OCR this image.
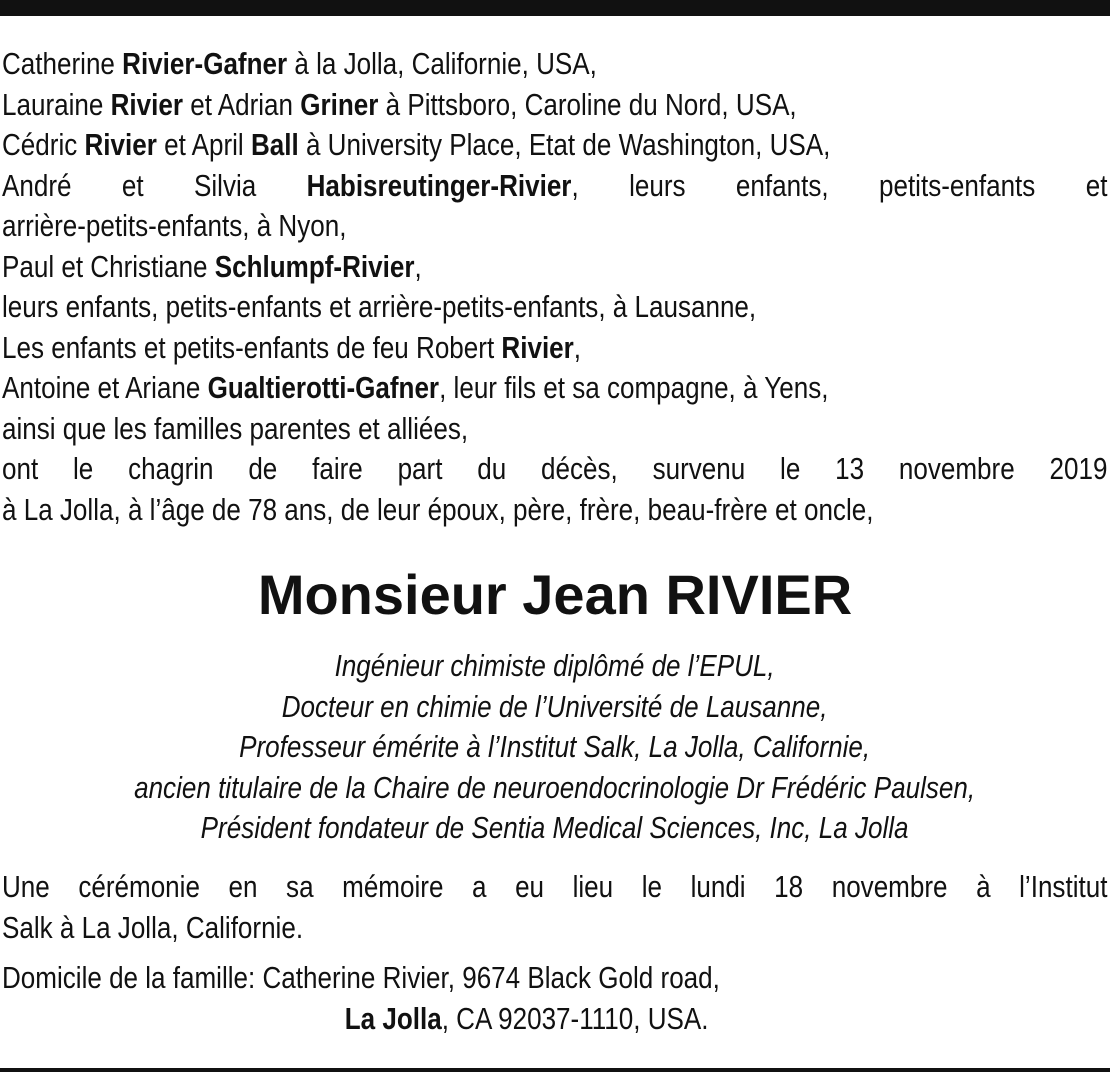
Catherine Rivier-Gafner à la Jolla, Californie, USA,
Lauraine Rivier et Adrian Griner à Pittsboro, Caroline du Nord, USA,
Cédric Rivier et April Ball à University Place, Etat de Washington, USA,
André et Silvia Habisreutinger-Rivier, leurs enfants, petits-enfants et
arrière-petits-enfants, à Nyon,
Paul et Christiane Schlumpf-Rivier,
leurs enfants, petits-enfants et arrière-petits-enfants, à Lausanne,
Les enfants et petits-enfants de feu Robert Rivier,
Antoine et Ariane Gualtierotti-Gafner, leur fils et sa compagne, à Yens,
ainsi que les familles parentes et alliées,
ont le chagrin de faire part du décès, survenu le 13 novembre 2019
à La Jolla, à l’âge de 78 ans, de leur époux, père, frère, beau-frère et oncle,
Monsieur Jean RIVIER
Ingénieur chimiste diplômé de l’EPUL,
Docteur en chimie de l’Université de Lausanne,
Professeur émérite à l’Institut Salk, La Jolla, Californie,
ancien titulaire de la Chaire de neuroendocrinologie Dr Frédéric Paulsen,
Président fondateur de Sentia Medical Sciences, Inc, La Jolla
Une cérémonie en sa mémoire a eu lieu le lundi 18 novembre à l’Institut
Salk à La Jolla, Californie.
Domicile de la famille: Catherine Rivier, 9674 Black Gold road,
La Jolla, CA 92037-1110, USA.
